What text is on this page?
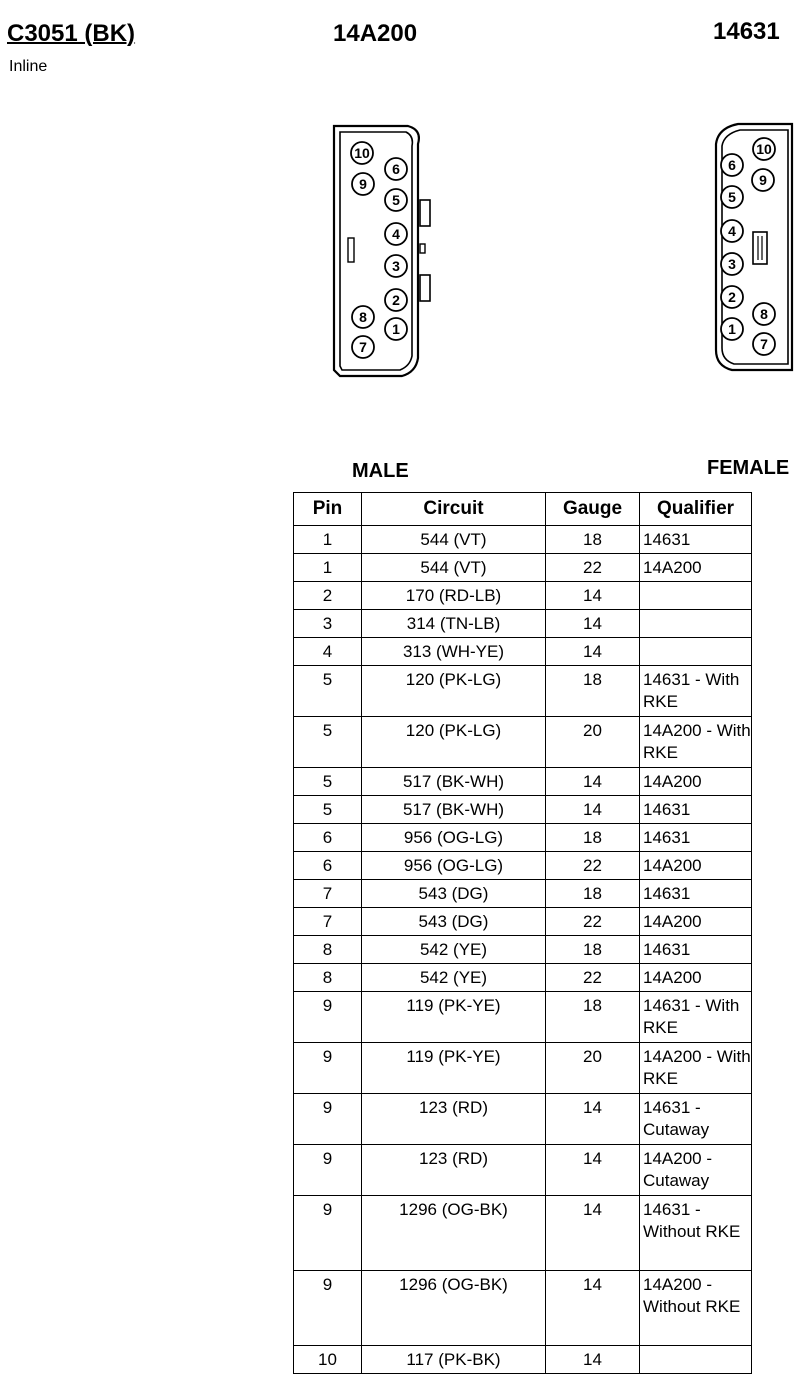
C3051 (BK)
Inline
14A200	14631
10
9
6
5
4
3
2
1
8
7
10
9
6
5
4
3
2
1
8
7
MALE	FEMALE
Pin	Circuit	Gauge	Qualifier
1	544 (VT)	18	14631
1	544 (VT)	22	14A200
2	170 (RD-LB)	14	
3	314 (TN-LB)	14	
4	313 (WH-YE)	14	
5	120 (PK-LG)	18	14631 - With RKE
5	120 (PK-LG)	20	14A200 - With RKE
5	517 (BK-WH)	14	14A200
5	517 (BK-WH)	14	14631
6	956 (OG-LG)	18	14631
6	956 (OG-LG)	22	14A200
7	543 (DG)	18	14631
7	543 (DG)	22	14A200
8	542 (YE)	18	14631
8	542 (YE)	22	14A200
9	119 (PK-YE)	18	14631 - With RKE
9	119 (PK-YE)	20	14A200 - With RKE
9	123 (RD)	14	14631 - Cutaway
9	123 (RD)	14	14A200 - Cutaway
9	1296 (OG-BK)	14	14631 - Without RKE
9	1296 (OG-BK)	14	14A200 - Without RKE
10	117 (PK-BK)	14	
